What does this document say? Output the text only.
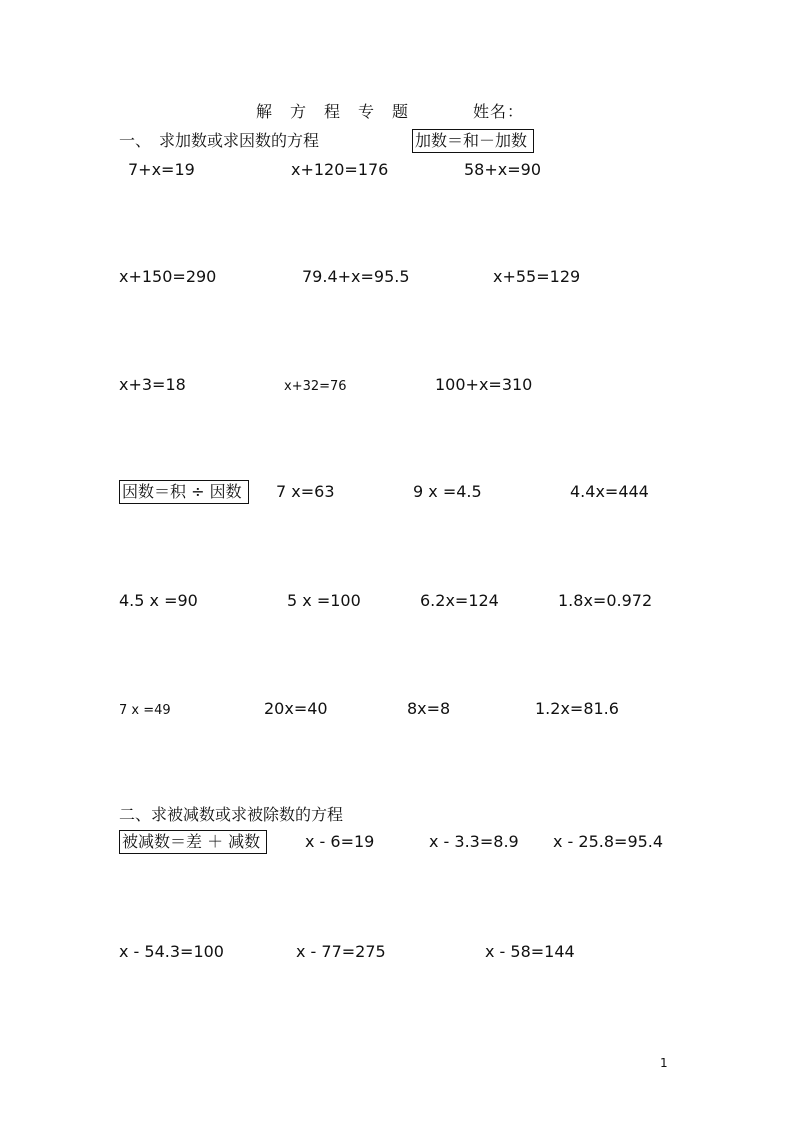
解　方　程　专　题	姓名：
一、　求加数或求因数的方程	加数＝和－加数
7+x=19	x+120=176	58+x=90
x+150=290	79.4+x=95.5	x+55=129
x+3=18	x+32=76	100+x=310
因数＝积 ÷ 因数	7 x=63	9 x =4.5	4.4x=444
4.5 x =90	5 x =100	6.2x=124	1.8x=0.972
7 x =49	20x=40	8x=8	1.2x=81.6
二、求被减数或求被除数的方程
被减数＝差 ＋ 减数	x - 6=19	x - 3.3=8.9 x - 25.8=95.4
x - 54.3=100	x - 77=275	x - 58=144
1
